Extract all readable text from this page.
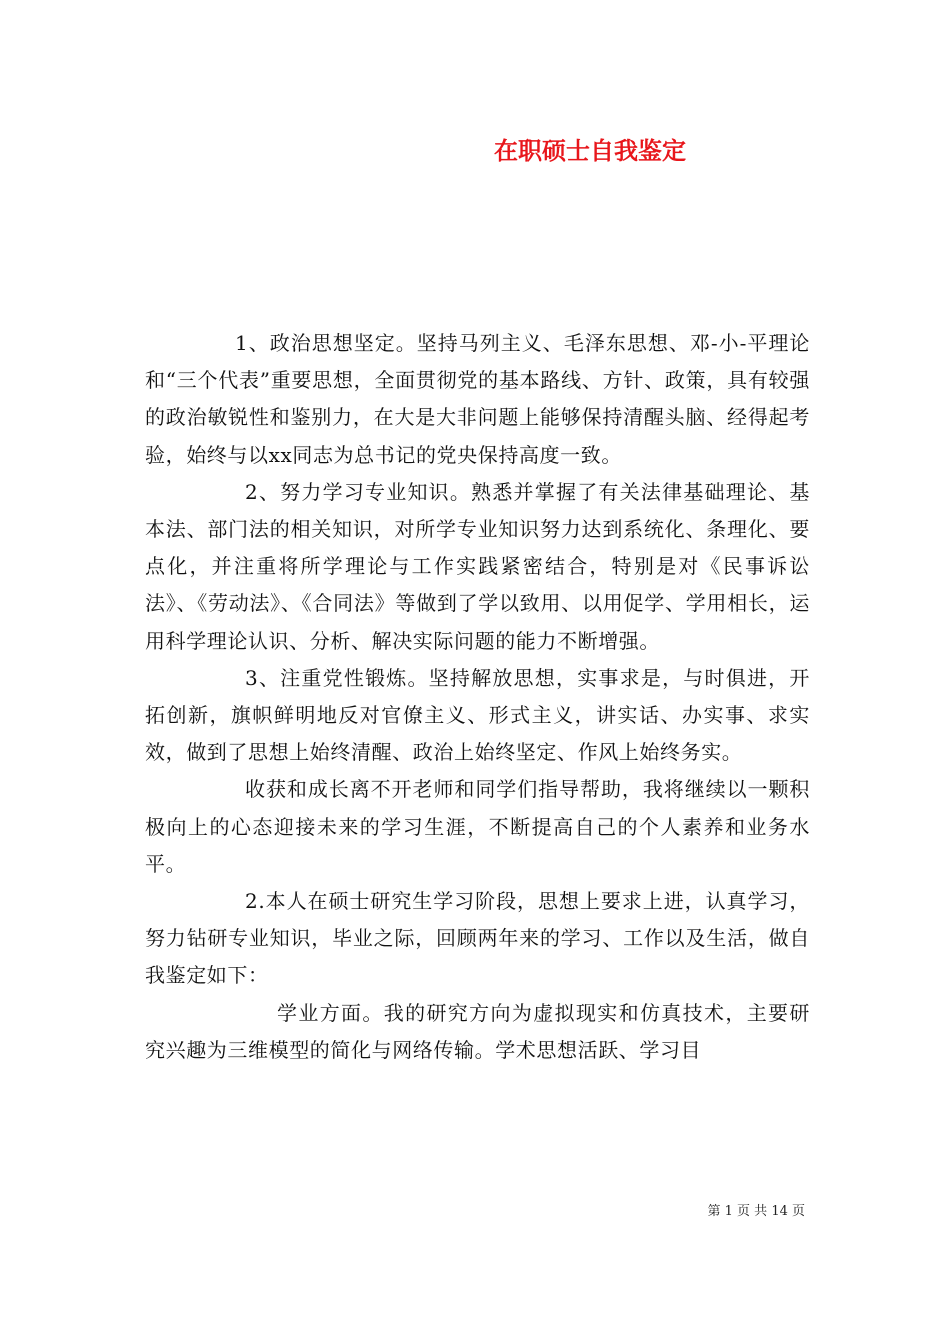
在职硕士自我鉴定

1、政治思想坚定。坚持马列主义、毛泽东思想、邓-小-平理论和“三个代表”重要思想，全面贯彻党的基本路线、方针、政策，具有较强的政治敏锐性和鉴别力，在大是大非问题上能够保持清醒头脑、经得起考验，始终与以xx同志为总书记的党央保持高度一致。

2、努力学习专业知识。熟悉并掌握了有关法律基础理论、基本法、部门法的相关知识，对所学专业知识努力达到系统化、条理化、要点化，并注重将所学理论与工作实践紧密结合，特别是对《民事诉讼法》、《劳动法》、《合同法》等做到了学以致用、以用促学、学用相长，运用科学理论认识、分析、解决实际问题的能力不断增强。

3、注重党性锻炼。坚持解放思想，实事求是，与时俱进，开拓创新，旗帜鲜明地反对官僚主义、形式主义，讲实话、办实事、求实效，做到了思想上始终清醒、政治上始终坚定、作风上始终务实。

收获和成长离不开老师和同学们指导帮助，我将继续以一颗积极向上的心态迎接未来的学习生涯，不断提高自己的个人素养和业务水平。

2.本人在硕士研究生学习阶段，思想上要求上进，认真学习，努力钻研专业知识，毕业之际，回顾两年来的学习、工作以及生活，做自我鉴定如下：

学业方面。我的研究方向为虚拟现实和仿真技术，主要研究兴趣为三维模型的简化与网络传输。学术思想活跃、学习目

第 1 页 共 14 页
